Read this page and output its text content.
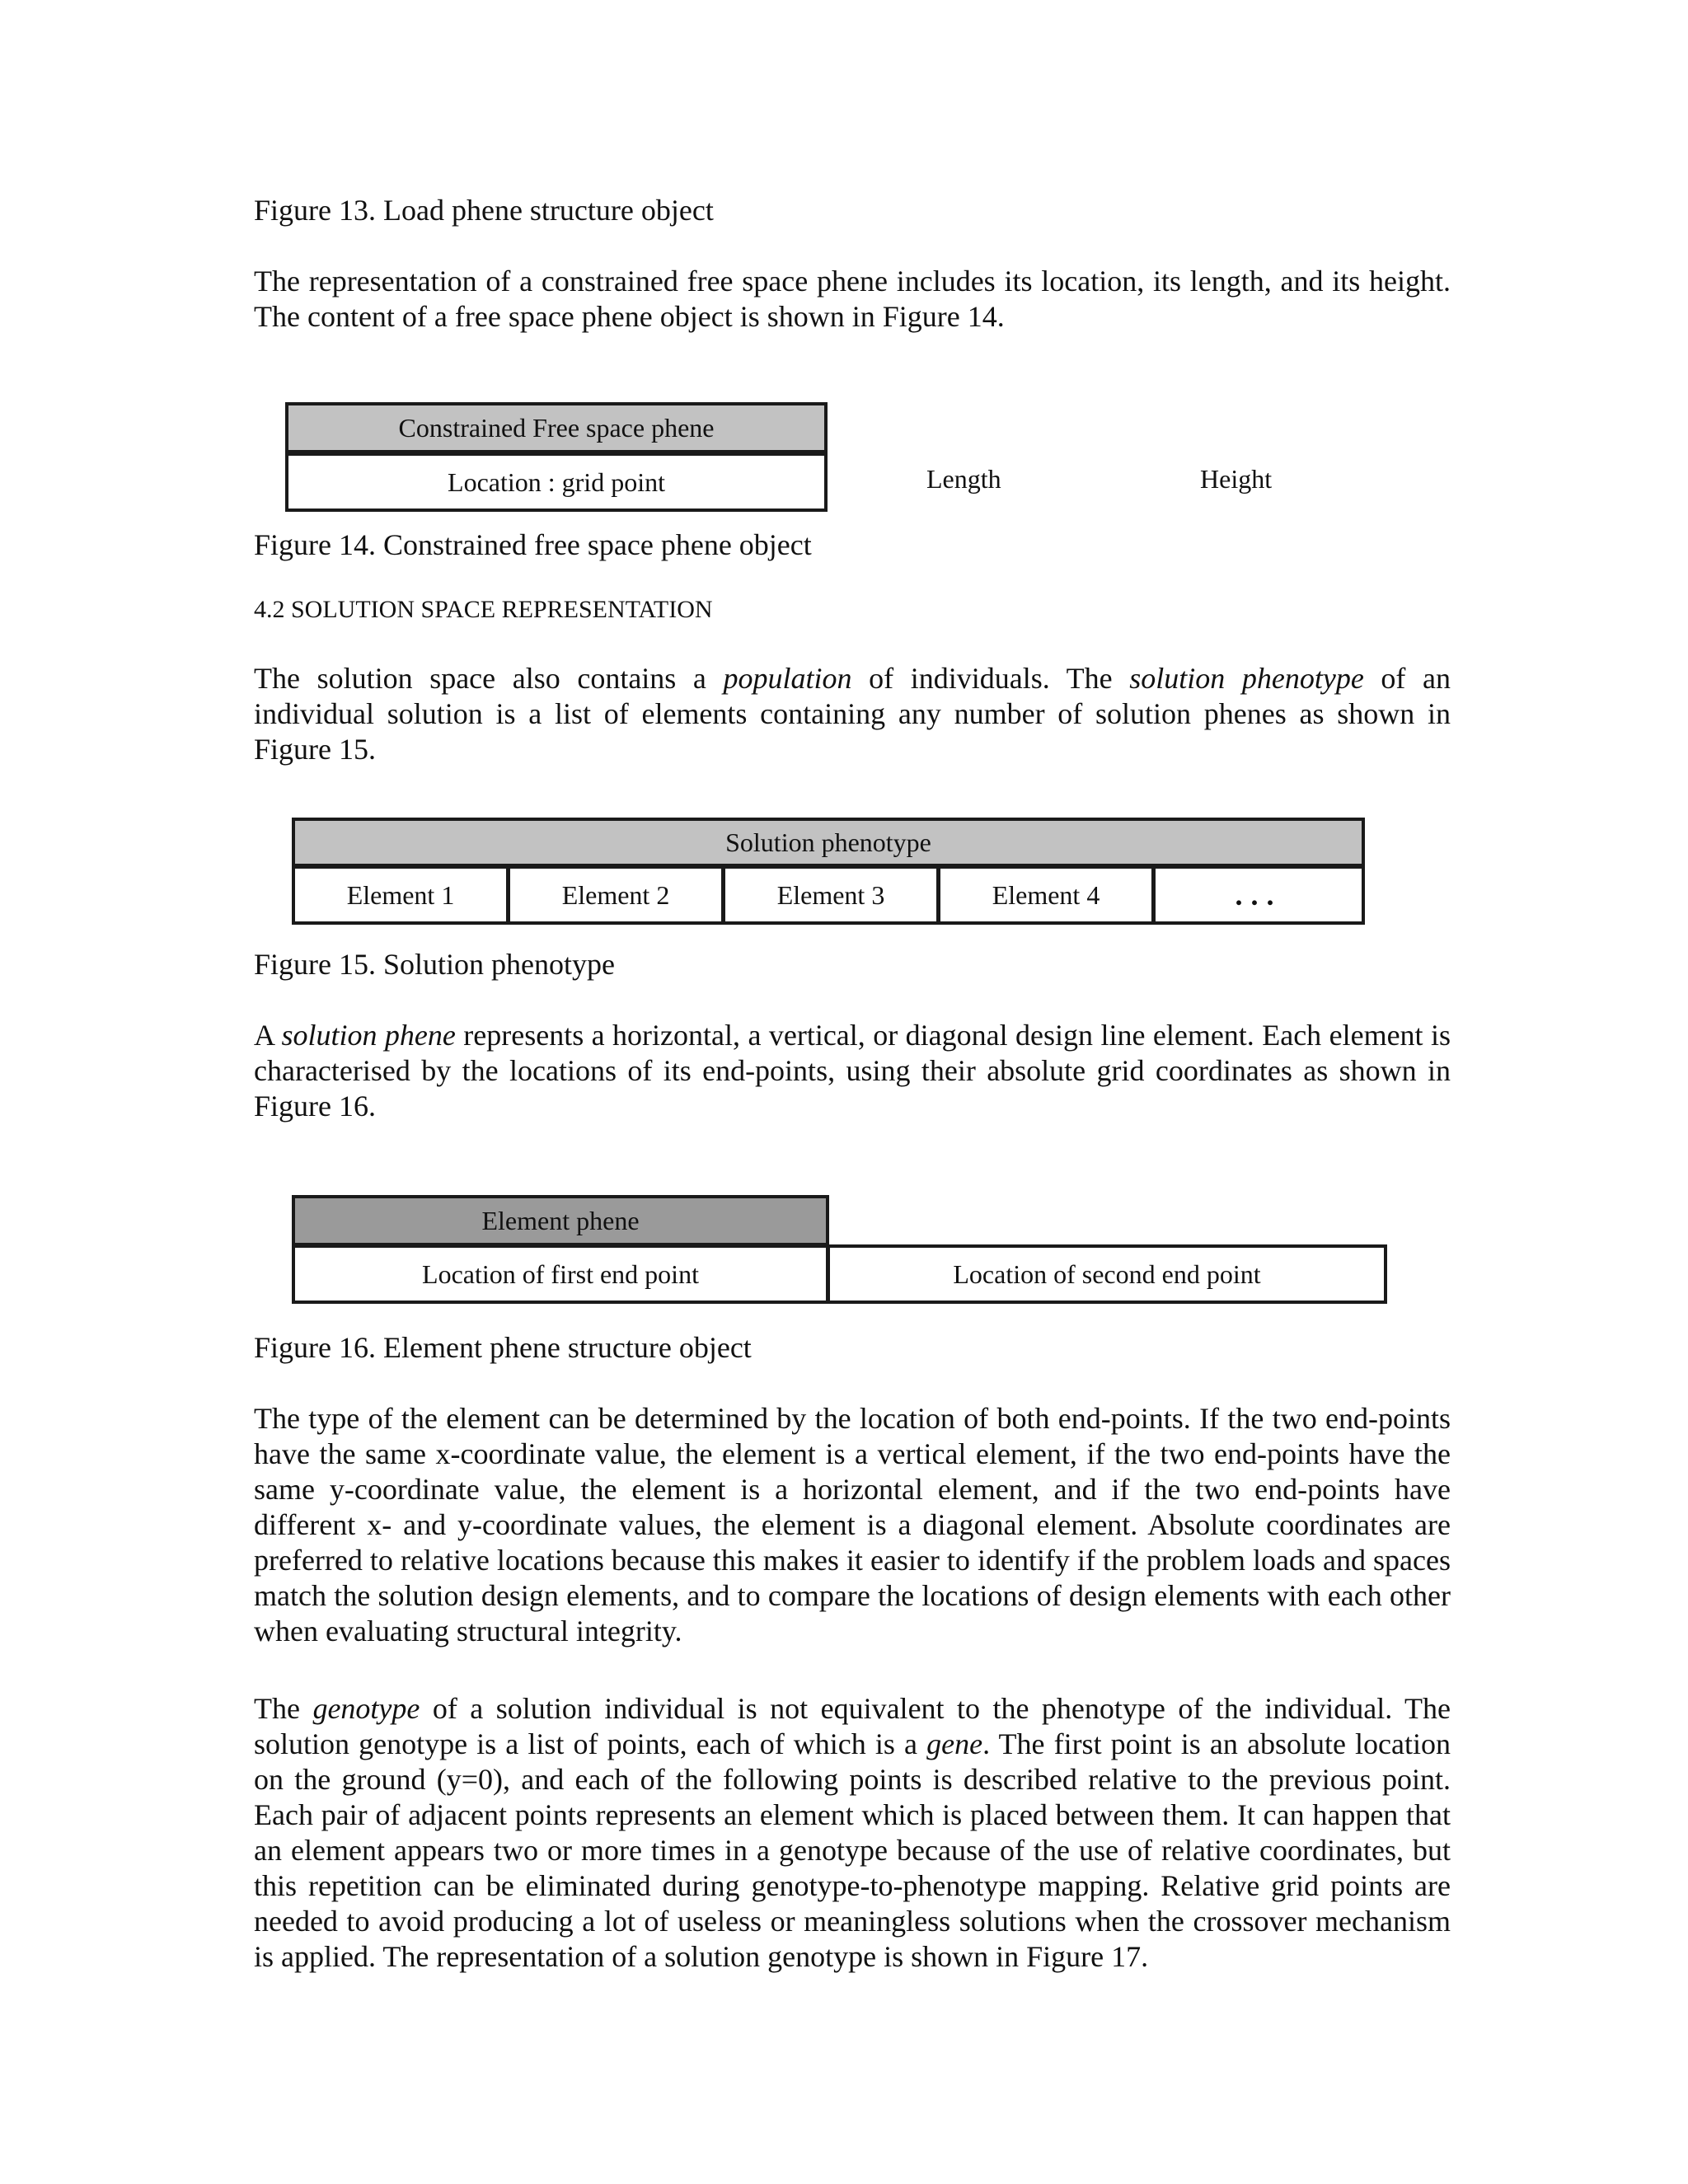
Figure 13. Load phene structure object
The representation of a constrained free space phene includes its location, its length, and its height. The content of a free space phene object is shown in Figure 14.
Constrained Free space phene
Location : grid point	Length	Height
Figure 14. Constrained free space phene object
4.2 SOLUTION SPACE REPRESENTATION
The solution space also contains a population of individuals. The solution phenotype of an individual solution is a list of elements containing any number of solution phenes as shown in Figure 15.
Solution phenotype
Element 1	Element 2	Element 3	Element 4	...
Figure 15. Solution phenotype
A solution phene represents a horizontal, a vertical, or diagonal design line element. Each element is characterised by the locations of its end-points, using their absolute grid coordinates as shown in Figure 16.
Element phene
Location of first end point	Location of second end point
Figure 16. Element phene structure object
The type of the element can be determined by the location of both end-points. If the two end-points have the same x-coordinate value, the element is a vertical element, if the two end-points have the same y-coordinate value, the element is a horizontal element, and if the two end-points have different x- and y-coordinate values, the element is a diagonal element. Absolute coordinates are preferred to relative locations because this makes it easier to identify if the problem loads and spaces match the solution design elements, and to compare the locations of design elements with each other when evaluating structural integrity.
The genotype of a solution individual is not equivalent to the phenotype of the individual. The solution genotype is a list of points, each of which is a gene. The first point is an absolute location on the ground (y=0), and each of the following points is described relative to the previous point. Each pair of adjacent points represents an element which is placed between them. It can happen that an element appears two or more times in a genotype because of the use of relative coordinates, but this repetition can be eliminated during genotype-to-phenotype mapping. Relative grid points are needed to avoid producing a lot of useless or meaningless solutions when the crossover mechanism is applied. The representation of a solution genotype is shown in Figure 17.
